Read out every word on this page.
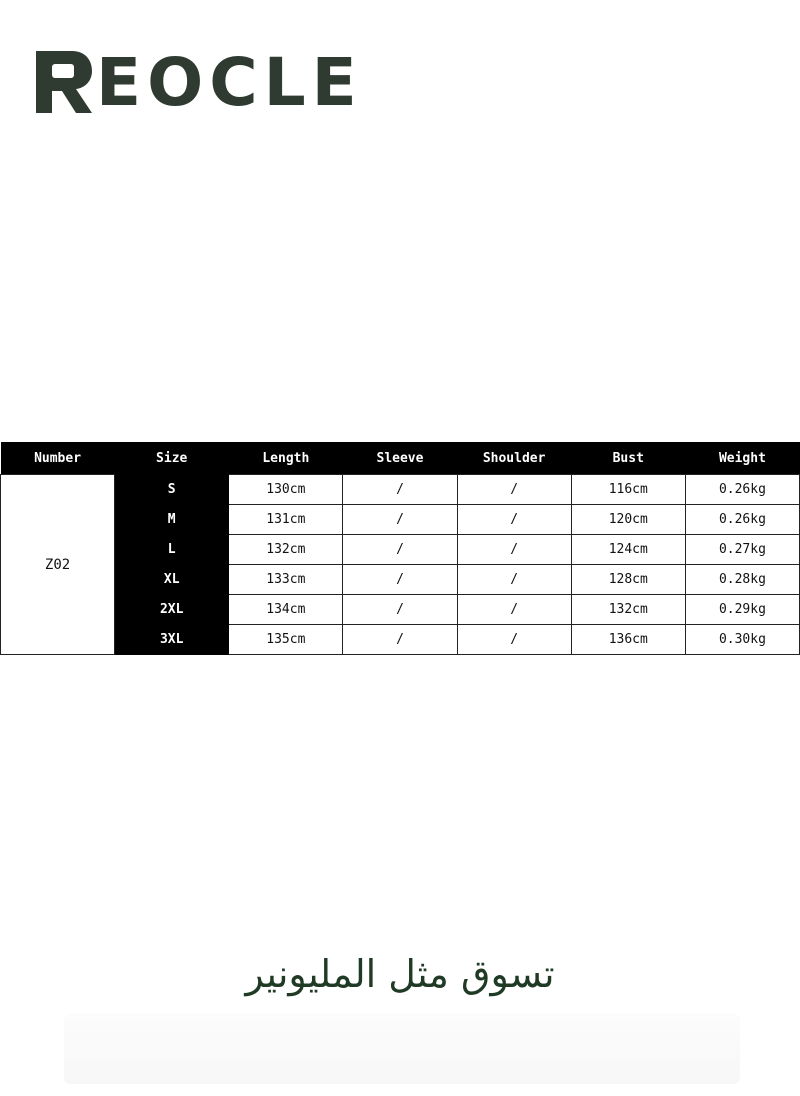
EOCLE
Number	Size	Length	Sleeve	Shoulder	Bust	Weight
Z02	S	130cm	/	/	116cm	0.26kg
	M	131cm	/	/	120cm	0.26kg
	L	132cm	/	/	124cm	0.27kg
	XL	133cm	/	/	128cm	0.28kg
	2XL	134cm	/	/	132cm	0.29kg
	3XL	135cm	/	/	136cm	0.30kg
تسوق مثل المليونير
